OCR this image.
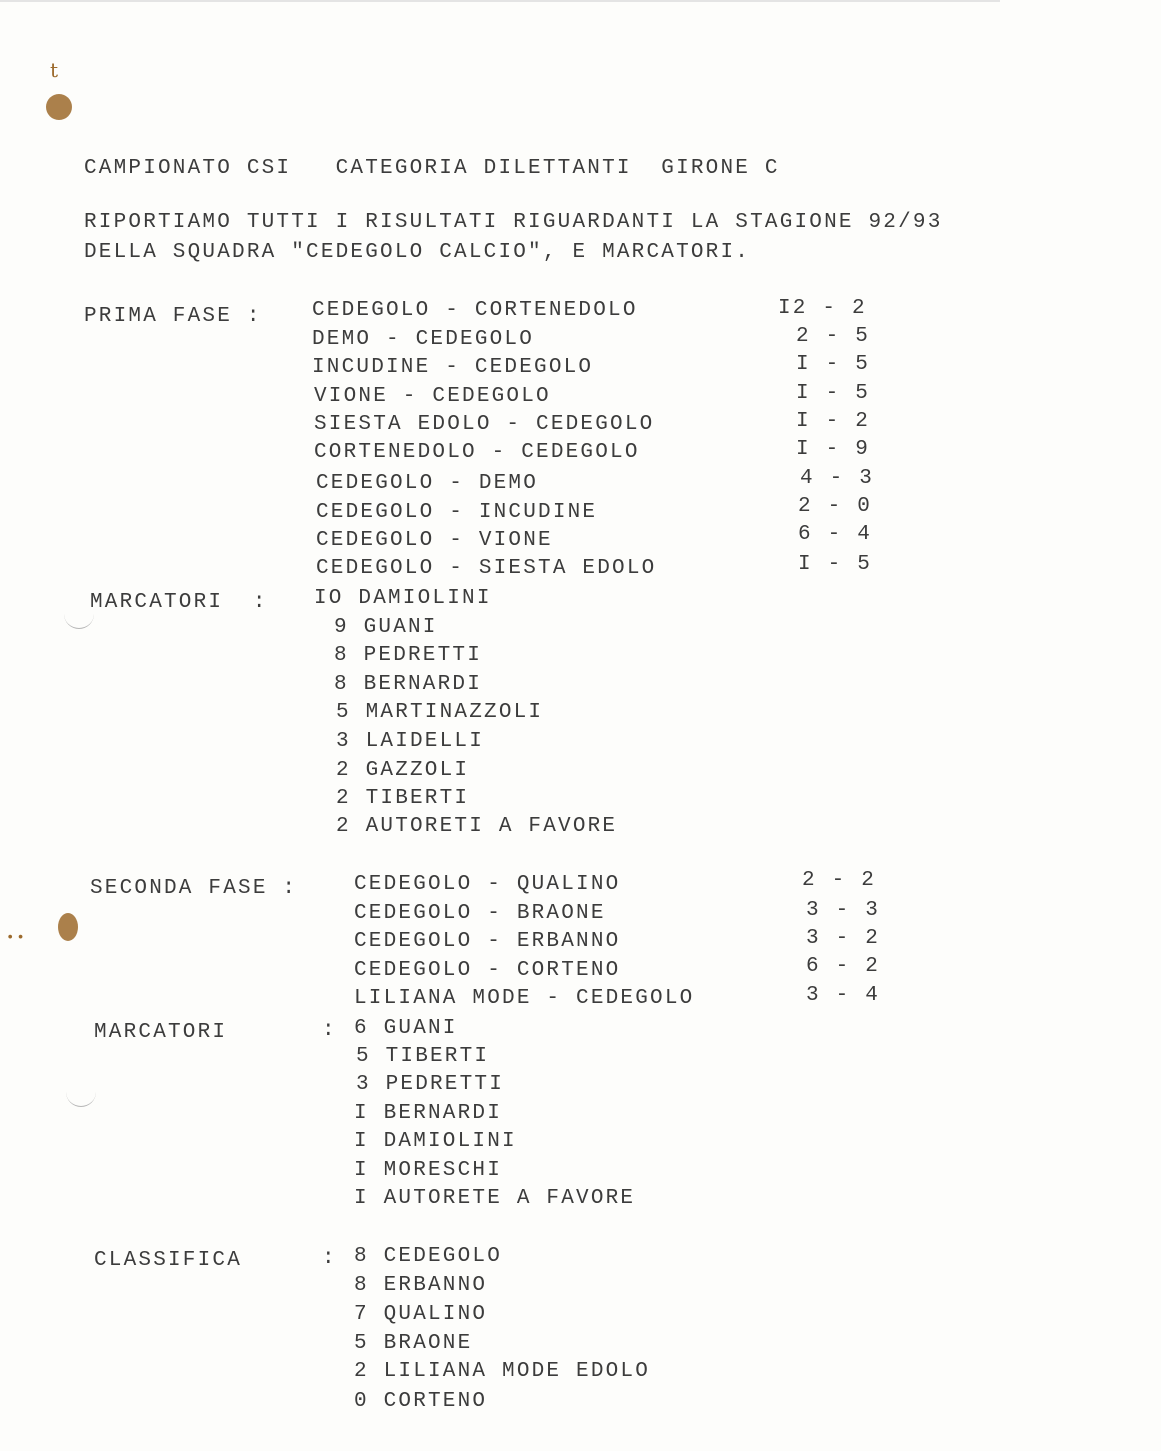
t
••
CAMPIONATO CSI   CATEGORIA DILETTANTI  GIRONE C
RIPORTIAMO TUTTI I RISULTATI RIGUARDANTI LA STAGIONE 92/93
DELLA SQUADRA "CEDEGOLO CALCIO", E MARCATORI.
PRIMA FASE : CEDEGOLO - CORTENEDOLO	I2 - 2
DEMO - CEDEGOLO	2 - 5
INCUDINE - CEDEGOLO	I - 5
VIONE - CEDEGOLO	I - 5
SIESTA EDOLO - CEDEGOLO	I - 2
CORTENEDOLO - CEDEGOLO	I - 9
CEDEGOLO - DEMO	4 - 3
CEDEGOLO - INCUDINE	2 - 0
CEDEGOLO - VIONE	6 - 4
CEDEGOLO - SIESTA EDOLO	I - 5
MARCATORI  : IO DAMIOLINI
9 GUANI
8 PEDRETTI
8 BERNARDI
5 MARTINAZZOLI
3 LAIDELLI
2 GAZZOLI
2 TIBERTI
2 AUTORETI A FAVORE
SECONDA FASE :	CEDEGOLO - QUALINO	2 - 2
CEDEGOLO - BRAONE	3 - 3
CEDEGOLO - ERBANNO	3 - 2
CEDEGOLO - CORTENO	6 - 2
LILIANA MODE - CEDEGOLO	3 - 4
MARCATORI	: 6 GUANI
5 TIBERTI
3 PEDRETTI
I BERNARDI
I DAMIOLINI
I MORESCHI
I AUTORETE A FAVORE
CLASSIFICA	: 8 CEDEGOLO
8 ERBANNO
7 QUALINO
5 BRAONE
2 LILIANA MODE EDOLO
0 CORTENO
